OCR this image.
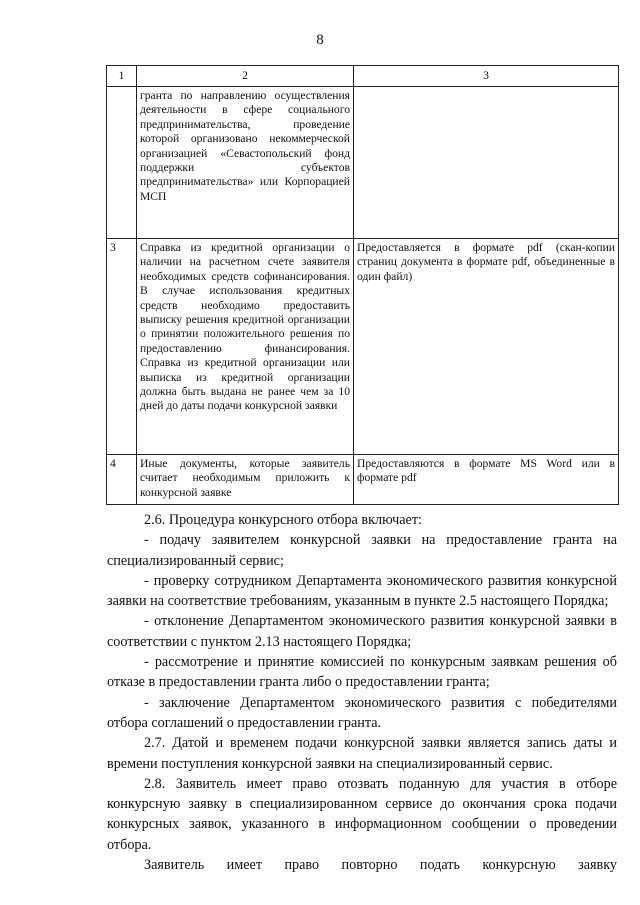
8
1	2	3
	гранта по направлению осуществления деятельности в сфере социального предпринимательства, проведение которой организовано некоммерческой организацией «Севастопольский фонд поддержки субъектов предпринимательства» или Корпорацией МСП	
3	Справка из кредитной организации о наличии на расчетном счете заявителя необходимых средств софинансирования. В случае использования кредитных средств необходимо предоставить выписку решения кредитной организации о принятии положительного решения по предоставлению финансирования. Справка из кредитной организации или выписка из кредитной организации должна быть выдана не ранее чем за 10 дней до даты подачи конкурсной заявки	Предоставляется в формате pdf (скан-копии страниц документа в формате pdf, объединенные в один файл)
4	Иные документы, которые заявитель считает необходимым приложить к конкурсной заявке	Предоставляются в формате MS Word или в формате pdf

2.6. Процедура конкурсного отбора включает:

- подачу заявителем конкурсной заявки на предоставление гранта на специализированный сервис;

- проверку сотрудником Департамента экономического развития конкурсной заявки на соответствие требованиям, указанным в пункте 2.5 настоящего Порядка;

- отклонение Департаментом экономического развития конкурсной заявки в соответствии с пунктом 2.13 настоящего Порядка;

- рассмотрение и принятие комиссией по конкурсным заявкам решения об отказе в предоставлении гранта либо о предоставлении гранта;

- заключение Департаментом экономического развития с победителями отбора соглашений о предоставлении гранта.

2.7. Датой и временем подачи конкурсной заявки является запись даты и времени поступления конкурсной заявки на специализированный сервис.

2.8. Заявитель имеет право отозвать поданную для участия в отборе конкурсную заявку в специализированном сервисе до окончания срока подачи конкурсных заявок, указанного в информационном сообщении о проведении отбора.

Заявитель имеет право повторно подать конкурсную заявку
